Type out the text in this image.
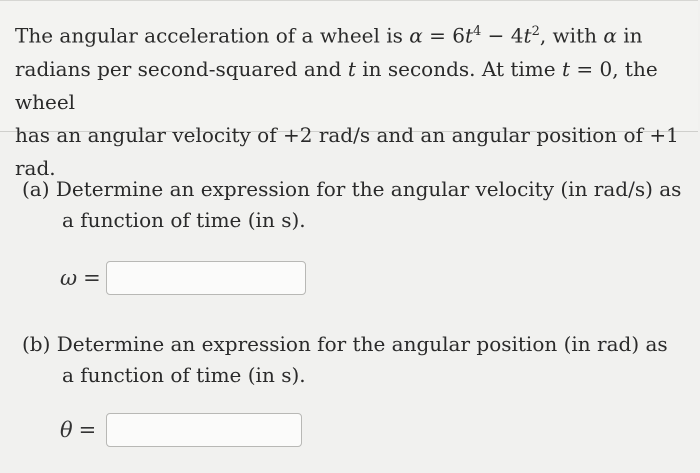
The angular acceleration of a wheel is $\alpha = 6t^4 - 4t^2$, with α in
radians per second-squared and t in seconds. At time t = 0, the wheel
has an angular velocity of +2 rad/s and an angular position of +1 rad.
(a) Determine an expression for the angular velocity (in rad/s) as
a function of time (in s).
ω =
(b) Determine an expression for the angular position (in rad) as
a function of time (in s).
θ =
